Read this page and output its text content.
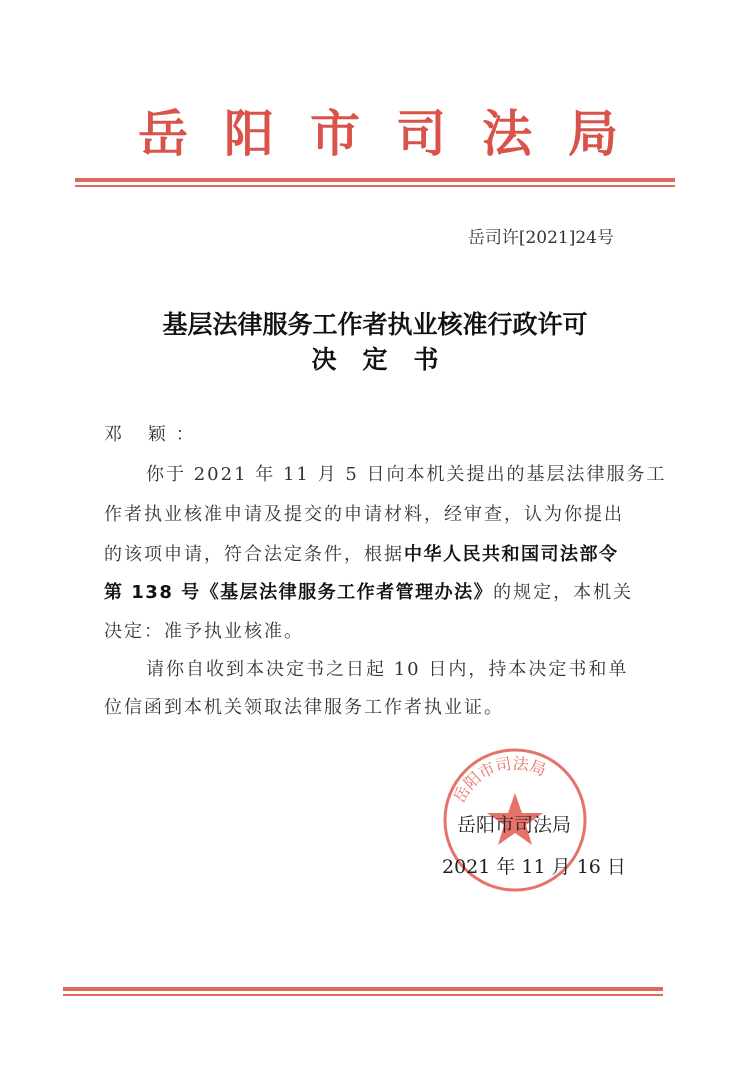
岳阳市司法局
岳司许[2021]24号
基层法律服务工作者执业核准行政许可
决定书
邓 颖：
你于 2021 年 11 月 5 日向本机关提出的基层法律服务工
作者执业核准申请及提交的申请材料，经审查，认为你提出
的该项申请，符合法定条件，根据中华人民共和国司法部令
第 138 号《基层法律服务工作者管理办法》的规定，本机关
决定：准予执业核准。
请你自收到本决定书之日起 10 日内，持本决定书和单
位信函到本机关领取法律服务工作者执业证。
岳阳市司法局
岳阳市司法局
2021 年 11 月 16 日
